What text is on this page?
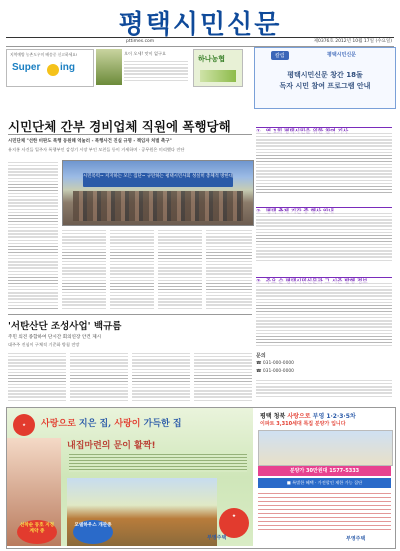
평택시민신문
pttimes.com	제0376호 2012년 10월 17일 (수요일)
지역예방 농촌도우미 배송중 신고하세요!
Super ing
오이 오세! 맛이 없구요
하나농협	칼럼	평택시민신문
평택시민신문 창간 18돌
독자 시민 참여 프로그램 안내
시민단체 간부 경비업체 직원에 폭행당해
시민단체 "선한 비판도 폭행 동원해 억눌러 - 폭행사건 진실 규명 - 책임자 처벌 촉구"
유지홍 사건들 입주자 폭행부인 감성기 시장 부인 모친들 등이 거세하며 · 공무원은 미리했다 진단
시민폭력~ 저지하는 모든 집단~ 규탄하는 평택시민사회 성실히 총체적 방한대
문의
☎ 031-000-0000
☎ 031-000-0000
'서탄산단 조성사업' 백규름
주민 의견 종합하여 단시간 회의연장 안건 제시
대주주 진심이 구체적 기준화 방침 전망
★	사랑으로 지은 집, 사랑이 가득한 집
내집마련의 문이 활짝!
★
선착순 동호 지정 계약 중
모델하우스 개관중
부영주택
평택 청북 사랑으로 부영 1·2·3·5차
이파트 3,310세대 특집 분양가 입니다
분양가 30만원대 1577-5333
■ 특별한 혜택 · 가전할인 제한 가능 집단
부영주택
